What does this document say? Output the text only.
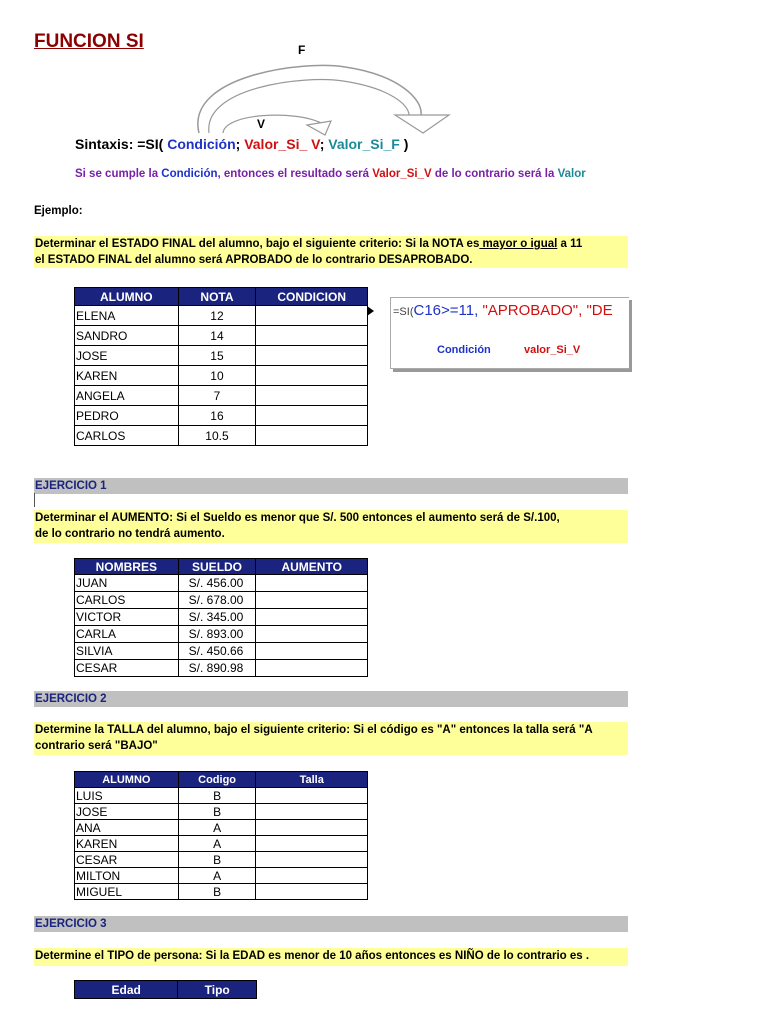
FUNCION SI	F
V
Sintaxis: =SI( Condición; Valor_Si_ V; Valor_Si_F )
Si se cumple la Condición, entonces el resultado será Valor_Si_V de lo contrario será la Valor
Ejemplo:
Determinar el ESTADO FINAL del alumno, bajo el siguiente criterio: Si la NOTA es mayor o igual a 11
el ESTADO FINAL del alumno será APROBADO de lo contrario DESAPROBADO.
ALUMNO	NOTA	CONDICION
ELENA	12	
SANDRO	14	
JOSE	15	
KAREN	10	
ANGELA	7	
PEDRO	16	
CARLOS	10.5	
=SI(C16>=11, "APROBADO", "DE
Condición	valor_Si_V
EJERCICIO 1
Determinar el AUMENTO: Si el Sueldo es menor que S/. 500 entonces el aumento será de S/.100,
de lo contrario no tendrá aumento.
NOMBRES	SUELDO	AUMENTO
JUAN	S/. 456.00	
CARLOS	S/. 678.00	
VICTOR	S/. 345.00	
CARLA	S/. 893.00	
SILVIA	S/. 450.66	
CESAR	S/. 890.98	
EJERCICIO 2
Determine la TALLA del alumno, bajo el siguiente criterio: Si el código es "A" entonces la talla será "A
contrario será "BAJO"
ALUMNO	Codigo	Talla
LUIS	B	
JOSE	B	
ANA	A	
KAREN	A	
CESAR	B	
MILTON	A	
MIGUEL	B	
EJERCICIO 3
Determine el TIPO de persona: Si la EDAD es menor de 10 años entonces es NIÑO de lo contrario es .
Edad	Tipo
